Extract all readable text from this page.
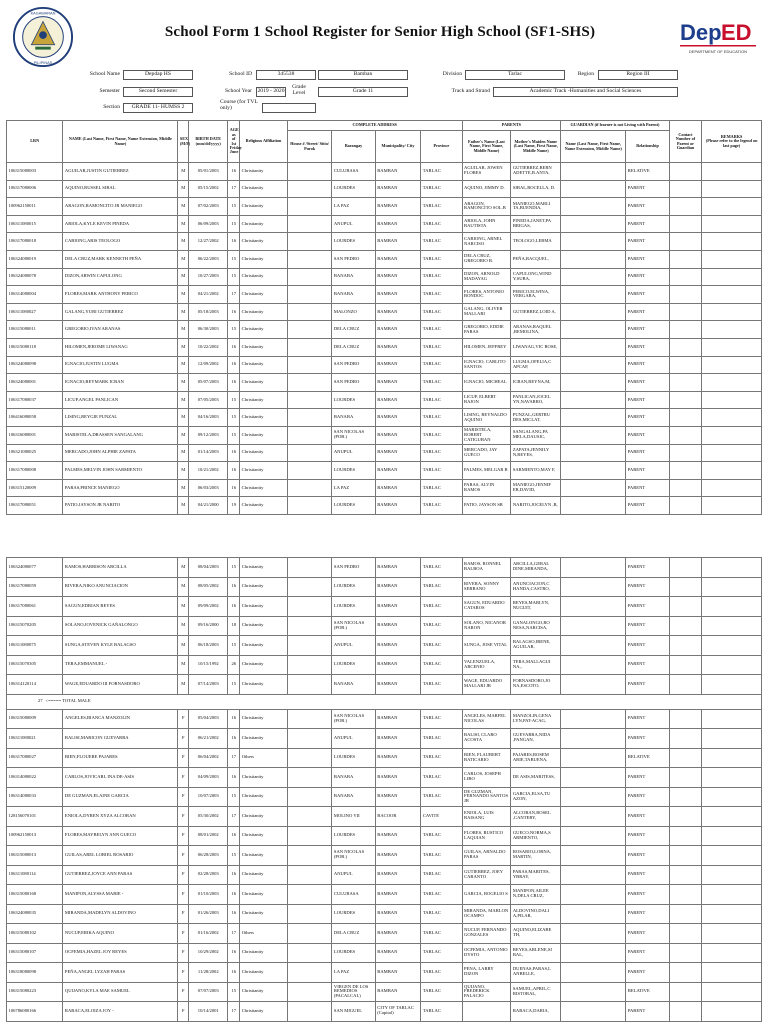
KAGAWARAN
PILIPINAS
School Form 1 School Register for Senior High School (SF1-SHS)	Dep ED
DEPARTMENT OF EDUCATION
School Name	Depdap HS	School ID	345538	Bamban	Division	Tarlac	Region	Region III
Semester	Second Semester	School Year 2019 - 2020
Grade Level	Grade 11	Track and Strand	Academic Track -Humanities and Social Sciences
Section	GRADE 11- HUMSS 2
Course (for TVL only)
LRN	NAME (Last Name, First Name, Name Extension, Middle Name)	SEX (M/F)	BIRTH DATE (mm/dd/yyyy)	AGE as of 1st Friday June	Religious Affiliation	COMPLETE ADDRESS				PARENTS		GUARDIAN (if learner is not Living with Parent)		Contact Number of Parent or Guardian	REMARKS
(Please refer to the legend on last page)

						House # /Street/ Sitio/ Purok	Barangay	Municipality/ City	Province	Father's Name (Last Name, First Name, Middle Name)	Mother's Maiden Name (Last Name, First Name, Middle Name)	Name (Last Name, First Name, Name Extension, Middle Name)	Relationship		
106315080003	AGUILAR,JUSTIN GUTIERREZ	M	05/01/2003	16	Christianity		CULUBASA	BAMBAN	TARLAC	AGUILAR, JOWEN FLORES	GUTIERREZ,BERN ADETTE,B.ANTA,		RELATIVE		
106317080006	AQUINO,RUSSEL SIBAL	M	05/15/2002	17	Christianity		LOURDES	BAMBAN	TARLAC	AQUINO, JIMMY D.	SIBAL,ROCELLA, D.		PARENT		
100962150011	ARAGON,RAMONCITO JR MANIEGO	M	07/02/2003	15	Christianity		LA PAZ	BAMBAN	TARLAC	ARAGON, RAMONCITO SOL.B	MANIEGO,MARLI TA,BUENDIA,		PARENT		
106311080015	ARIOLA,KYLE KEVIN PINEDA	M	06/09/2003	15	Christianity		ANUPUL	BAMBAN	TARLAC	ARIOLA, JOHN BAUTISTA	PINEDA,JANET,PA BRIGAS,		PARENT		
106317080018	CABIONG,ARIS TEOLOGO	M	12/27/2002	16	Christianity		LOURDES	BAMBAN	TARLAC	CABIONG, ARNEL NARCISO	TEOLOGO,LERMA		PARENT		
106324080019	DELA CRUZ,MARK KENNETH PEÑA	M	06/22/2003	15	Christianity		SAN PEDRO	BAMBAN	TARLAC	DELA CRUZ, GREGORIO B.	PEÑA,RACQUEL,		PARENT		
106324080078	DIZON,ARWIN CAPULONG	M	10/27/2003	15	Christianity		BANABA	BAMBAN	TARLAC	DIZON, ARNOLD MADAYAG	CAPULONG,WIND Y,SUBA,		PARENT		
106314080004	FLORES,MARK ANTHONY PERICO	M	04/21/2002	17	Christianity		BANABA	BAMBAN	TARLAC	FLORES, ANTONIO BONDOC	PERICO,ELWINA, VERGARA,		PARENT		
106311080027	GALANG,YURI GUTIERREZ	M	05/18/2003	16	Christianity		MALONZO	BAMBAN	TARLAC	GALANG, OLIVER MALLARI	GUTIERREZ,LOID A,		PARENT		
106315080011	GREGORIO,IVAN ARANAS	M	06/30/2003	15	Christianity		DELA CRUZ	BAMBAN	TARLAC	GREGORIO, EDDIE PARAS	ARANAS,RAQUEL ,REMOLINA,		PARENT		
106315080118	HILOMEN,JEROME LIWANAG	M	10/22/2002	16	Christianity		DELA CRUZ	BAMBAN	TARLAC	HILOMEN, JEFFREY	LIWANAG,VIC ROSE,		PARENT		
106324080098	IGNACIO,JUSTIN LUGMA	M	12/09/2002	16	Christianity		SAN PEDRO	BAMBAN	TARLAC	IGNACIO, CARLITO SANTOS	LUGMA,OFELIA,C APCAP,		PARENT		
106324080001	IGNACIO,REYMARK ICBAN	M	05/07/2003	16	Christianity		SAN PEDRO	BAMBAN	TARLAC	IGNACIO, MICHEAL	ICBAN,REYNA,M,		PARENT		
106317080037	LICUP,ANGEL PANLICAN	M	07/05/2003	15	Christianity		LOURDES	BAMBAN	TARLAC	LICUP, ELBERT BAJON	PANLICAN,JOCEL YN,NAVARRO,		PARENT		
106416080058	LISING,REYGIE PUNZAL	M	04/16/2003	15	Christianity		BANABA	BAMBAN	TARLAC	LISING, REYNALDO AQUINO	PUNZAL,GERTRU DES,MICLAT,		PARENT		
106316080001	MARISTELA,DRASSEN SANGALANG	M	09/12/2003	15	Christianity		SAN NICOLAS (POB.)	BAMBAN	TARLAC	MARISTELA, ROBERT CATIGUBAN	SANGALANG,PA MELA,DAUSIC,		PARENT		
106321080025	MERCADO,JOHN ALPHIE ZAPATA	M	01/14/2003	16	Christianity		ANUPUL	BAMBAN	TARLAC	MERCADO, JAY GUECO	ZAPATA,JENNILY N,REYES,		PARENT		
106317080008	PALMES,MELVIN JOHN SARMIENTO	M	10/21/2002	16	Christianity		LOURDES	BAMBAN	TARLAC	PALMES, MELGAR B	SARMIENTO,MAY F,		PARENT		
106315120009	PARAS,PRINCE MANIEGO	M	06/03/2003	16	Christianity		LA PAZ	BAMBAN	TARLAC	PARAS, ALVIN RAMOS	MANIEGO,JENNIF ER,DAVID,		PARENT		
106317080051	PATIO,JAYSON JR NARITO	M	04/21/2000	19	Christianity		LOURDES	BAMBAN	TARLAC	PATIO, JAYSON SR	NARITO,JOCELYN ,B,		PARENT		
106324080077	RAMOS,HARRISON ARCILLA	M	08/04/2003	15	Christianity		SAN PEDRO	BAMBAN	TARLAC	RAMOS, RONNEL BALBOA	ARCILLA,GERAL DINE,MIRANDA,		PARENT		
106317080059	RIVERA,NIKO ANUNCIACION	M	08/05/2002	16	Christianity		LOURDES	BAMBAN	TARLAC	RIVERA, SONNY SERRANO	ANUNCIACION,C HANDA,CASTRO,		PARENT		
106317080061	SAGUN,EDRIAN REYES	M	09/09/2002	16	Christianity		LOURDES	BAMBAN	TARLAC	SAGUN, EDUARDO CATAROS	REYES,MARLYN, NUGUIT,		PARENT		
106315070205	SOLANO,JOVENICK GAÑALONGO	M	09/16/2000	18	Christianity		SAN NICOLAS (POB.)	BAMBAN	TARLAC	SOLANO, NICANOR NARON	GANALONGO,RO NESA,NARCISA,		PARENT		
106311080075	SUNGA,STEVEN KYLE BALAGSO	M	06/18/2003	15	Christianity		ANUPUL	BAMBAN	TARLAC	SUNGA, JOSE VITAL	BALAGSO,IRENE, AGUILAR,		PARENT		
106315070305	TERA,EMMANUEL -	M	10/15/1992	26	Christianity		LOURDES	BAMBAN	TARLAC	VALENZUELA, ARCENIO	TERA,MALLAGUI NA,,		PARENT		
106314120114	WAGE,EDUARDO III FORNASDORO	M	07/14/2003	15	Christianity		BANABA	BAMBAN	TARLAC	WAGE, EDUARDO MALLARI JR	FORNASDORO,JO NA,ESCOTO,		PARENT		
27 <===== TOTAL MALE															
106315080009	ANGELES,BIANCA MANZOLIN	F	05/04/2003	16	Christianity		SAN NICOLAS (POB.)	BAMBAN	TARLAC	ANGELES, MARFEL NICOLAS	MANZOLIN,GENA LYN,PAT-ACAG,		PARENT		
106311080021	BALISI,MARICON GUEVARRA	F	06/21/2002	16	Christianity		ANUPUL	BAMBAN	TARLAC	BALISI, CLARO ACOSTA	GUEVARRA,NIDA ,PANGAN,		PARENT		
106317080027	BIEN,FLOUERE PAJARES	F	06/04/2002	17	Others		LOURDES	BAMBAN	TARLAC	BIEN, FLAUBERT BATICARIO	PAJARES,ROSEM ARIE,TABUENA,		RELATIVE		
106314080022	CARLOS,JOVICARL INA DE-ASIS	F	04/09/2003	16	Christianity		BANABA	BAMBAN	TARLAC	CARLOS, JOSEPH LIBO	DE ASIS,MARITESS,		PARENT		
106314080033	DE GUZMAN,ELAINE GARCIA	F	10/07/2003	15	Christianity		BANABA	BAMBAN	TARLAC	DE GUZMAN, FERNANDO SANTOS JR	GARCIA,ELSA,TU AZON,		PARENT		
128156070101	ENIOLA,DYREN XYZA ALCORAN	F	05/30/2002	17	Christianity		MOLINO VII	BACOOR	CAVITE	ENIOLA, LUIS BAISANG	ALCORAN,ROSEL ,CANTERY,		PARENT		
100962150013	FLORES,MAYBELYN ANN GUECO	F	08/01/2002	16	Christianity		LOURDES	BAMBAN	TARLAC	FLORES, RUSTICO LAQUIAN	GUECO,NORMA,S ARMIENTO,		PARENT		
106315080013	GUILAS,AREL LORIEL ROSARIO	F	06/28/2003	15	Christianity		SAN NICOLAS (POB.)	BAMBAN	TARLAC	GUILAS, ARNALDO PARAS	ROSARIO,LORNA, MARTIN,		PARENT		
106311080114	GUTIERREZ,JOYCE ANN PARAS	F	02/28/2003	16	Christianity		ANUPUL	BAMBAN	TARLAC	GUTIERREZ, JOEY CARANTO	PARAS,MARITES, YBRAY,		PARENT		
106315080168	MANIPON,ALYSSA MARIE -	F	01/10/2003	16	Christianity		CULUBASA	BAMBAN	TARLAC	GARCIA, ROGELIO S	MANIPON,AILEE N,DELA CRUZ,		PARENT		
106324080035	MIRANDA,MADELYN ALDOVINO	F	01/26/2003	16	Christianity		LOURDES	BAMBAN	TARLAC	MIRANDA, MARLON OCAMPO	ALDOVINO,DALI A,PILAR,		PARENT		
106315080102	NUCUP,ERIKA AQUINO	F	01/16/2002	17	Others		DELA CRUZ	BAMBAN	TARLAC	NUCUP, FERNANDO GONZALES	AQUINO,ELIZABE TH,		PARENT		
106315080107	OCFEMIA,HAZEL JOY REYES	F	10/29/2002	16	Christianity		LOURDES	BAMBAN	TARLAC	OCFEMIA, ANTONIO DYSTO	REYES,ARLENE,SI BAL,		PARENT		
106318080098	PEÑA,ANGEL LYZAH PARAS	F	11/28/2002	16	Christianity		LA PAZ	BAMBAN	TARLAC	PENA, LARRY DIZON	DUENAS,PARAS,L ANBELLE,		PARENT		
106315080223	QUIJANO,KYLA MAE SAMUEL	F	07/07/2003	15	Christianity		VIRGEN DE LOS REMEDIOS (PACALCAL)	BAMBAN	TARLAC	QUIJANO, FREDERICK PALACIO	SAMUEL,APRIL,C RISTORAL,		RELATIVE		
106786080166	RABACA,ELOIZA JOY -	F	10/14/2001	17	Christianity		SAN MIGUEL	CITY OF TARLAC (Capital)	TARLAC		RABACA,DARIA,		PARENT		
